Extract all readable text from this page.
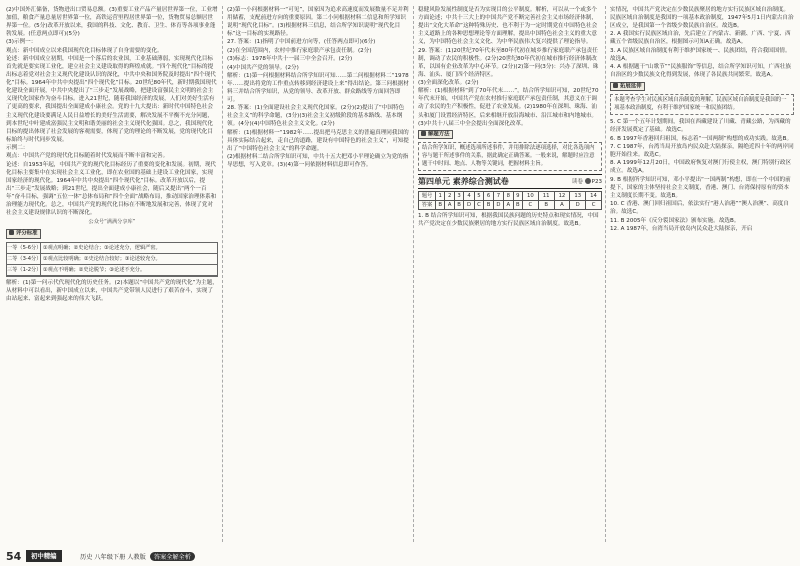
(2)中国外汇储备，货物进出口贸易总额。(3)重要工业产品产量居世界第一位，工业增加值，粮食产量总量居世界第一位，高铁运营里程居世界第一位，货物贸易总额居世界第一位。(5分)改革开放以来，我国的科技、文化、教育、卫生、体育等各项事业蓬勃发展。(任意两点即可)(5分)

(3)示例一：

观点：新中国成立以来我国现代化目标体现了自身需要的变化。

论述：新中国成立初期，中国是一个落后的农业国，工业基础薄弱，实现现代化目标首先就是要实现工业化，建立社会主义建设取得的辉煌成就。“四个现代化”目标的提出标志着党对社会主义现代化建设认识的深化，中共中央和国务院及时提出“四个现代化”目标。1964年中共中央提出“四个现代化”目标。20世纪80年代，新时期我国现代化建设全面开展，中共中央提出了“三步走”发展战略，把建设富强民主文明的社会主义现代化国家作为奋斗目标。进入21世纪，随着我国经济的发展，人们对美好生活有了更高的要求，我国提出全面建成小康社会。党的十九大提出：新时代中国特色社会主义现代化建设要满足人民日益增长的美好生活需要，解决发展不平衡不充分问题，到本世纪中叶建成富强民主文明和谐美丽的社会主义现代化强国。总之，我国现代化目标的提出体现了社会发展的客观需要，体现了党的理论的不断发展，党的现代化目标始终与时代同步发展。

示例二：

观点：中国共产党的现代化目标随着时代发展而不断丰富和完善。

论述：自1953年起，中国共产党的现代化目标经历了重要的变化和发展。初期，现代化目标主要集中在实现社会主义工业化，即在农业国的基础上建设工业化国家，实现国家经济的现代化。1964年中共中央提出“四个现代化”目标。改革开放以后，提出“三步走”发展战略；到21世纪，提出全面建成小康社会，随后又提出“两个一百年”奋斗目标，强调“五位一体”总体布局和“四个全面”战略布局，推动国家治理体系和治理能力现代化。总之，中国共产党的现代化目标在不断地发展和完善，体现了党对社会主义建设规律认识的不断深化。

公众号“满满分享库”
评分标准
一等（5-6分） ①观点明确；②史论结合；③论述充分，逻辑严密。
二等（3-4分） ①观点比较明确；②史论结合较好；③论述较充分。
三等（1-2分） ①观点不明确；②史论脱节；③论述不充分。

解析：(1)第一问示代代现代化的历史任务。(2)本题以“中国共产党的现代化”为主题，从材料中可以看出，新中国成立以来，中国共产党带领人民进行了艰苦奋斗，实现了由站起来、富起来到强起来的伟大飞跃。

(2)第一小问根据材料一“可见”，国家因为追求高速度而发展数量不足并利用储蓄，支配前进方向的重要原因。第二小问根据材料二信息和所学知识说明“现代化目标”。(3)根据材料三信息，结合所学知识说明“现代化目标”这一目标的实现路径。

27. 答案：(1)指明了中国前进方向等，(任答两点即可)(6分)

(2)在全国范围内，农村中推行家庭联产承包责任制。(2分)

(3)标志：1978年中共十一届三中全会召开。(2分)

(4)中国共产党的领导。(2分)

解析：(1)第一问根据材料结合所学知识可知……第二问根据材料二“1978年……提出将党的工作重点转移到经济建设上来”得出结论。第三问根据材料三并结合所学知识，从党的领导、改革开放、群众路线等方面回答即可。

28. 答案：(1)全面建设社会主义现代化国家。(2分)(2)提出了“中国特色社会主义”的科学命题，(3分)(3)社会主义初级阶段的基本路线、基本纲领。(4分)(4)中国特色社会主义文化。(2分)

解析：(1)根据材料一“1982年……提出把马克思主义的普遍真理同我国的具体实际结合起来，走自己的道路，建设有中国特色的社会主义”，可知提出了“中国特色社会主义”的科学命题。

(2)根据材料二结合所学知识可知，中共十五大把邓小平理论确立为党的指导思想，写入党章。(3)(4)第一问依据材料信息即可作答。

稳健风险发展性制度是否为实现目的公平制度。解析，可以从一个或多个方面论述；中共十三大上的中国共产党不断完善社会主义市场经济体制，提出“文化大革命”这种特殊历史、也不利于为一定时期党在中国特色社会主义道路上的各种思想理论等方面理解，提出中国特色社会主义的重大意义，为中国特色社会主义文化、为中华民族伟大复兴提供了理论指导。

29. 答案：(1)20世纪70年代末至80年代初在城乡推行家庭联产承包责任制，调动了农民的积极性。(2分)20世纪80年代初在城市推行经济体制改革，以国有企业改革为中心环节。(2分)(2)第一问(3分)：兴办了深圳、珠海、汕头、厦门四个经济特区。

(3)全面深化改革。(2分)

解析：(1)根据材料“到了70年代末……”，结合所学知识可知，20世纪70年代末开始，中国共产党在农村推行家庭联产承包责任制，其意义在于调动了农民的生产积极性，促进了农业发展。(2)1980年在深圳、珠海、汕头和厦门设置经济特区，后来相继开放沿海城市、沿江城市和内地城市。(3)中共十八届三中全会提出全面深化改革。

解题方法
结合所学知识，概述选项所述事件，并用排除法逐项选择，对比各选项内容与题干所述事件的关系，据此确定正确答案。一般来说，解题时应注意题干中时间、地点、人物等关键词，把握材料主旨。
第四单元 素养综合测试卷	读卷 P23
题号	1	2	3	4	5	6	7	8	9	10	11	12	13	14
答案	B	A	B	D	C	B	D	A	B	C	B	A	D	C

1. B 结合所学知识可知，根据我国民族问题的历史特点和现实情况，中国共产党决定在少数民族聚居的地方实行民族区域自治制度。故选B。

实情况，中国共产党决定在少数民族聚居的地方实行民族区域自治制度。民族区域自治制度是我国的一项基本政治制度，1947年5月1日内蒙古自治区成立，是我国第一个省级少数民族自治区。故选B。

2. A 我国实行民族区域自治，先后建立了内蒙古、新疆、广西、宁夏、西藏五个省级民族自治区，根据图示可知A正确。故选A。

3. A 民族区域自治制度有利于维护国家统一、民族团结，符合我国国情。故选A。

4. A 根据题干“山歌节”“民族服饰”等信息，结合所学知识可知，广西壮族自治区的少数民族文化得到发展，体现了各民族共同繁荣。故选A。

拓展延伸
本题考查学生对民族区域自治制度的理解。民族区域自治制度是我国的一项基本政治制度，有利于维护国家统一和民族团结。

5. C 第一个五年计划期间，我国在西藏建设了川藏、青藏公路，为西藏的经济发展奠定了基础。故选C。

6. B 1997年香港回归祖国，标志着“一国两制”构想的成功实践。故选B。

7. C 1987年，台湾当局开放岛内民众赴大陆探亲，隔绝近四十年的两岸同胞开始往来。故选C。

8. A 1999年12月20日，中国政府恢复对澳门行使主权，澳门特别行政区成立。故选A。

9. B 根据所学知识可知，邓小平提出“一国两制”构想，即在一个中国的前提下，国家的主体坚持社会主义制度，香港、澳门、台湾保持原有的资本主义制度长期不变。故选B。

10. C 香港、澳门回归祖国后，依法实行“港人治港”“澳人治澳”、高度自治。故选C。

11. B 2005年《反分裂国家法》颁布实施。故选B。

12. A 1987年，台湾当局开放岛内民众赴大陆探亲，开启

54	初中精编	历史 八年级下册 人教版 答案全解全析
